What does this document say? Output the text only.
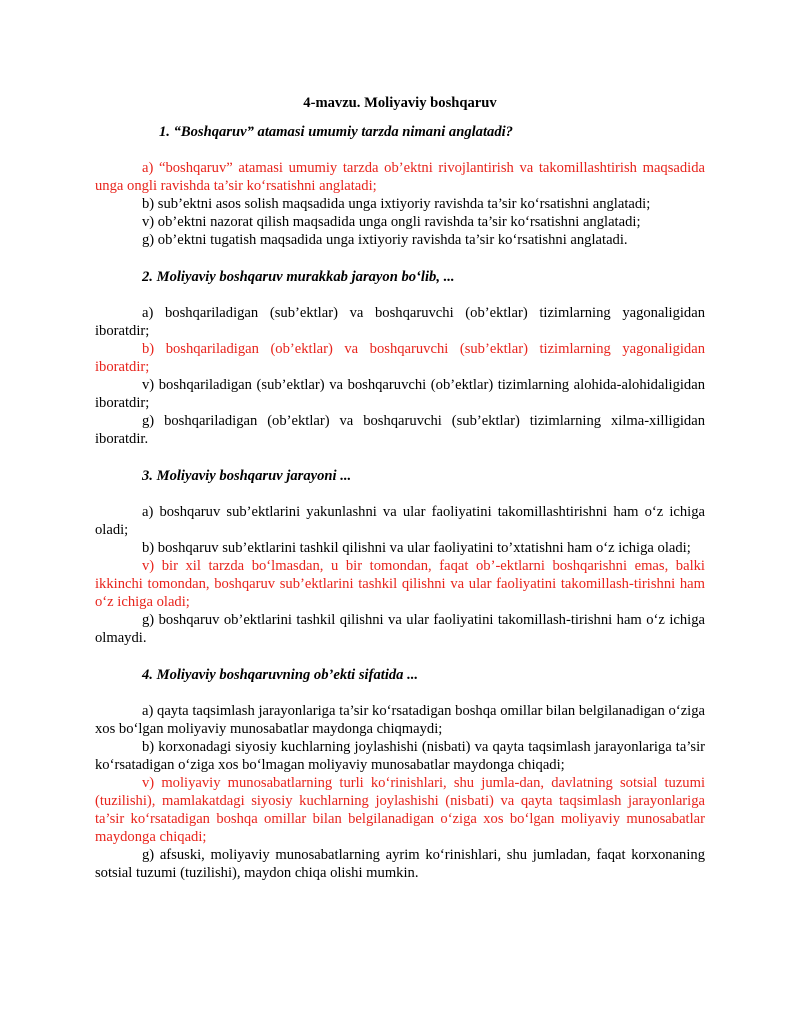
4-mavzu. Moliyaviy boshqaruv

1. “Boshqaruv” atamasi umumiy tarzda nimani anglatadi?

a) “boshqaruv” atamasi umumiy tarzda ob’ektni rivojlantirish va takomillashtirish maqsadida unga ongli ravishda ta’sir koʻrsatishni anglatadi;

b) sub’ektni asos solish maqsadida unga ixtiyoriy ravishda ta’sir koʻrsatishni anglatadi;

v) ob’ektni nazorat qilish maqsadida unga ongli ravishda ta’sir koʻrsatishni anglatadi;

g) ob’ektni tugatish maqsadida unga ixtiyoriy ravishda ta’sir koʻrsatishni anglatadi.

2. Moliyaviy boshqaruv murakkab jarayon boʻlib, ...

a) boshqariladigan (sub’ektlar) va boshqaruvchi (ob’ektlar) tizimlarning yagonaligidan iboratdir;

b) boshqariladigan (ob’ektlar) va boshqaruvchi (sub’ektlar) tizimlarning yagonaligidan iboratdir;

v) boshqariladigan (sub’ektlar) va boshqaruvchi (ob’ektlar) tizimlarning alohida-alohidaligidan iboratdir;

g) boshqariladigan (ob’ektlar) va boshqaruvchi (sub’ektlar) tizimlarning xilma-xilligidan iboratdir.

3. Moliyaviy boshqaruv jarayoni ...

a) boshqaruv sub’ektlarini yakunlashni va ular faoliyatini takomillashtirishni ham oʻz ichiga oladi;

b) boshqaruv sub’ektlarini tashkil qilishni va ular faoliyatini to’xtatishni ham oʻz ichiga oladi;

v) bir xil tarzda boʻlmasdan, u bir tomondan, faqat ob’-ektlarni boshqarishni emas, balki ikkinchi tomondan, boshqaruv sub’ektlarini tashkil qilishni va ular faoliyatini takomillash-tirishni ham oʻz ichiga oladi;

g) boshqaruv ob’ektlarini tashkil qilishni va ular faoliyatini takomillash-tirishni ham oʻz ichiga olmaydi.

4. Moliyaviy boshqaruvning ob’ekti sifatida ...

a) qayta taqsimlash jarayonlariga ta’sir koʻrsatadigan boshqa omillar bilan belgilanadigan oʻziga xos boʻlgan moliyaviy munosabatlar maydonga chiqmaydi;

b) korxonadagi siyosiy kuchlarning joylashishi (nisbati) va qayta taqsimlash jarayonlariga ta’sir koʻrsatadigan oʻziga xos boʻlmagan moliyaviy munosabatlar maydonga chiqadi;

v) moliyaviy munosabatlarning turli koʻrinishlari, shu jumla-dan, davlatning sotsial tuzumi (tuzilishi), mamlakatdagi siyosiy kuchlarning joylashishi (nisbati) va qayta taqsimlash jarayonlariga ta’sir koʻrsatadigan boshqa omillar bilan belgilanadigan oʻziga xos boʻlgan moliyaviy munosabatlar maydonga chiqadi;

g) afsuski, moliyaviy munosabatlarning ayrim koʻrinishlari, shu jumladan, faqat korxonaning sotsial tuzumi (tuzilishi), maydon chiqa olishi mumkin.
